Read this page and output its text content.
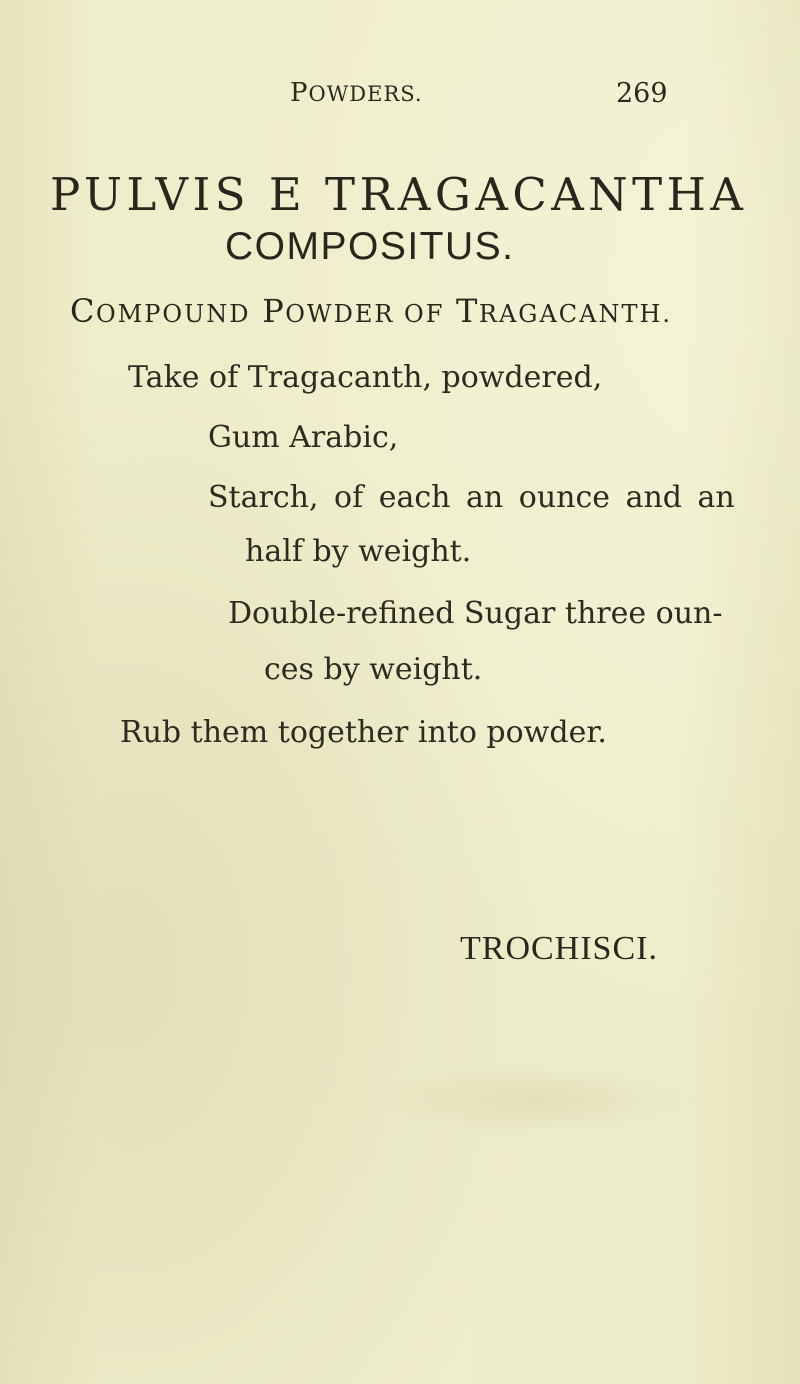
POWDERS.	269
PULVIS E TRAGACANTHA
COMPOSITUS.
COMPOUND POWDER OF TRAGACANTH.
Take of Tragacanth, powdered,
Gum Arabic,
Starch, of each an ounce and an
half by weight.
Double-refined Sugar three oun-
ces by weight.
Rub them together into powder.
TROCHISCI.
